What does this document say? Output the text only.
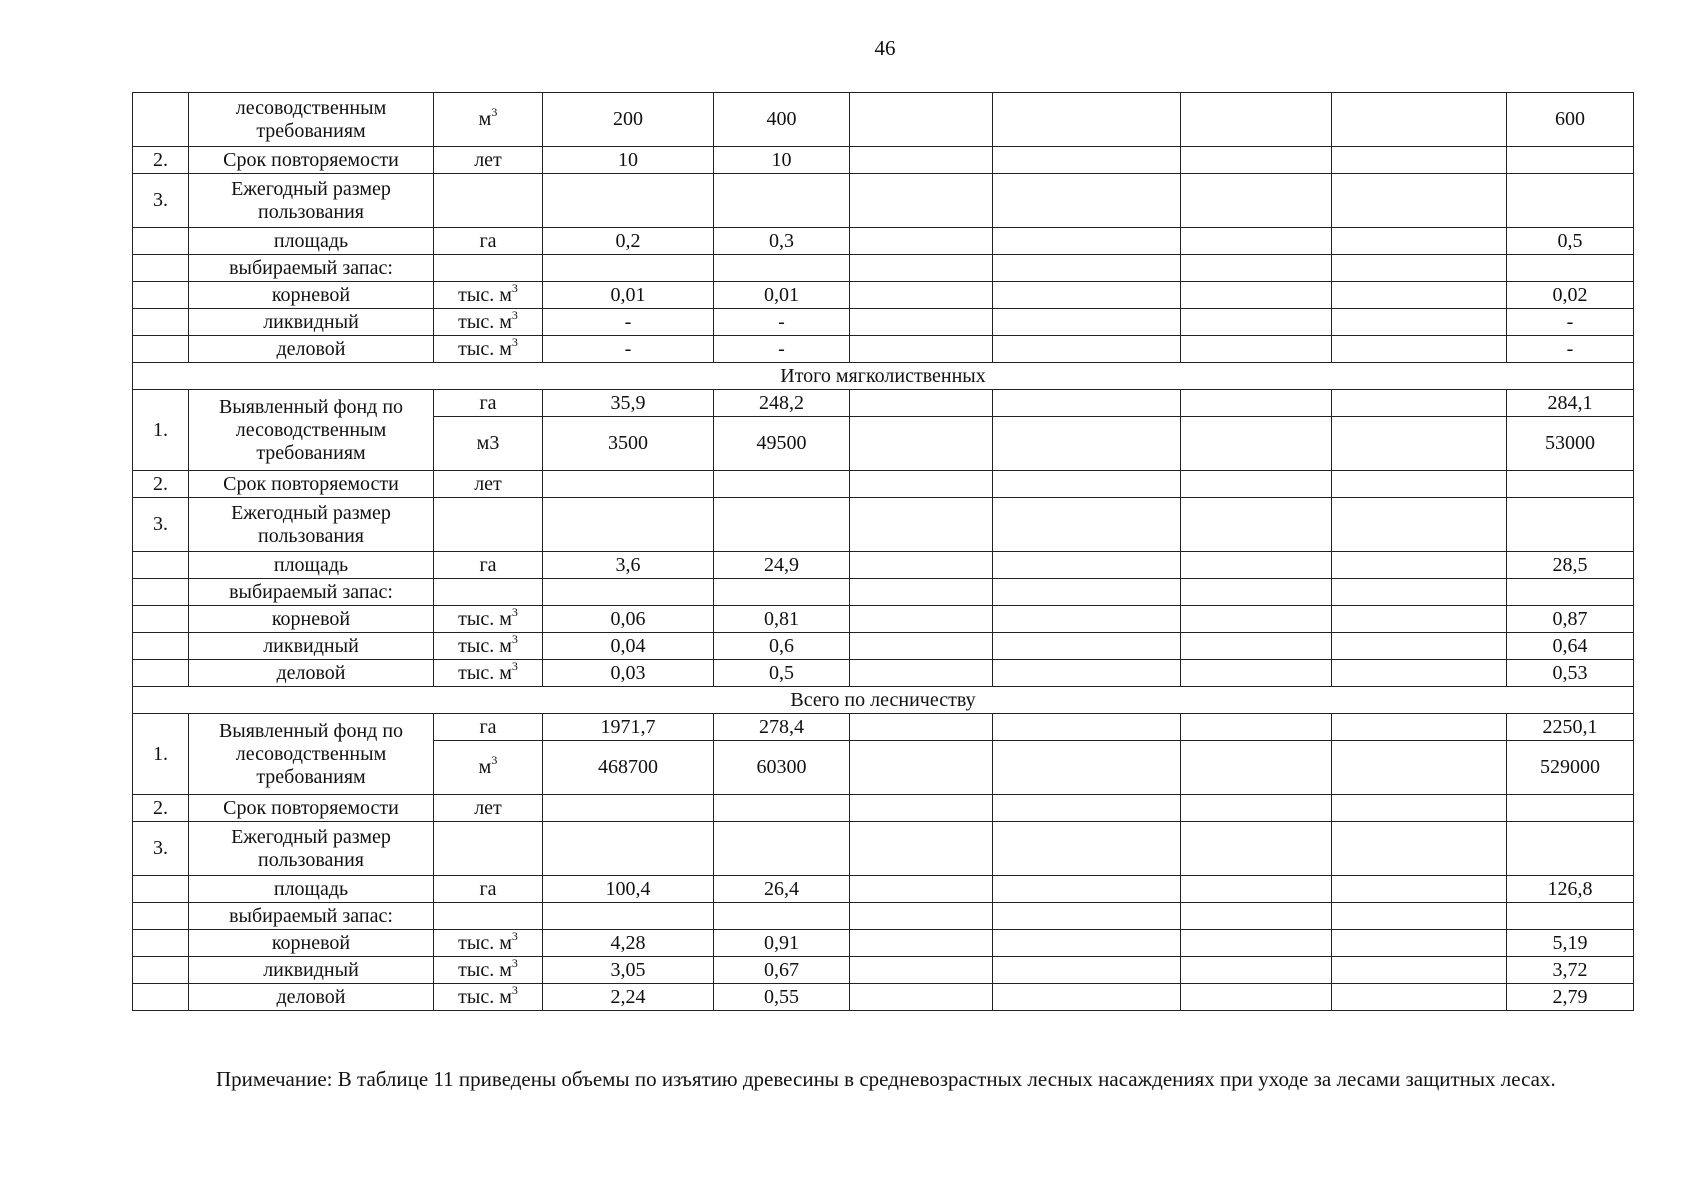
46
	лесоводственным требованиям	$м^3$	200	400					600
2.	Срок повторяемости	лет	10	10					
3.	Ежегодный размер пользования								
	площадь	га	0,2	0,3					0,5
	выбираемый запас:								
	корневой	тыс. $м^3$	0,01	0,01					0,02
	ликвидный	тыс. $м^3$	-	-					-
	деловой	тыс. $м^3$	-	-					-
Итого мягколиственных									
1.	Выявленный фонд по лесоводственным требованиям	га	35,9	248,2					284,1
		м3	3500	49500					53000
2.	Срок повторяемости	лет							
3.	Ежегодный размер пользования								
	площадь	га	3,6	24,9					28,5
	выбираемый запас:								
	корневой	тыс. $м^3$	0,06	0,81					0,87
	ликвидный	тыс. $м^3$	0,04	0,6					0,64
	деловой	тыс. $м^3$	0,03	0,5					0,53
Всего по лесничеству									
1.	Выявленный фонд по лесоводственным требованиям	га	1971,7	278,4					2250,1
		$м^3$	468700	60300					529000
2.	Срок повторяемости	лет							
3.	Ежегодный размер пользования								
	площадь	га	100,4	26,4					126,8
	выбираемый запас:								
	корневой	тыс. $м^3$	4,28	0,91					5,19
	ликвидный	тыс. $м^3$	3,05	0,67					3,72
	деловой	тыс. $м^3$	2,24	0,55					2,79

Примечание: В таблице 11 приведены объемы по изъятию древесины в средневозрастных лесных насаждениях при уходе за лесами защитных лесах.
